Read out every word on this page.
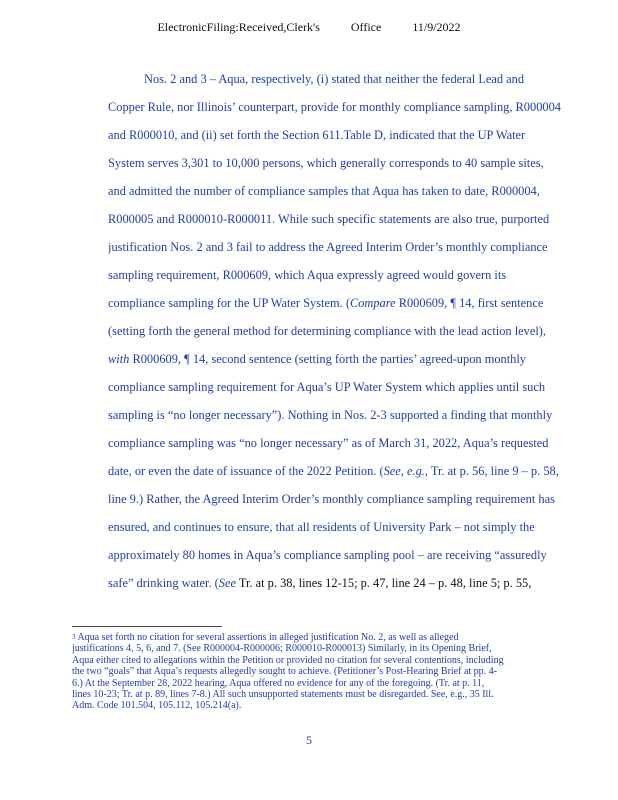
ElectronicFiling:Received,Clerk's	Office	11/9/2022
Nos. 2 and 3 – Aqua, respectively, (i) stated that neither the federal Lead and
Copper Rule, nor Illinois’ counterpart, provide for monthly compliance sampling, R000004
and R000010, and (ii) set forth the Section 611.Table D, indicated that the UP Water
System serves 3,301 to 10,000 persons, which generally corresponds to 40 sample sites,
and admitted the number of compliance samples that Aqua has taken to date, R000004,
R000005 and R000010-R000011. While such specific statements are also true, purported
justification Nos. 2 and 3 fail to address the Agreed Interim Order’s monthly compliance
sampling requirement, R000609, which Aqua expressly agreed would govern its
compliance sampling for the UP Water System. (Compare R000609, ¶ 14, first sentence
(setting forth the general method for determining compliance with the lead action level),
with R000609, ¶ 14, second sentence (setting forth the parties’ agreed-upon monthly
compliance sampling requirement for Aqua’s UP Water System which applies until such
sampling is “no longer necessary”). Nothing in Nos. 2-3 supported a finding that monthly
compliance sampling was “no longer necessary” as of March 31, 2022, Aqua’s requested
date, or even the date of issuance of the 2022 Petition. (See, e.g., Tr. at p. 56, line 9 – p. 58,
line 9.) Rather, the Agreed Interim Order’s monthly compliance sampling requirement has
ensured, and continues to ensure, that all residents of University Park – not simply the
approximately 80 homes in Aqua’s compliance sampling pool – are receiving “assuredly
safe” drinking water. (See Tr. at p. 38, lines 12-15; p. 47, line 24 – p. 48, line 5; p. 55,
$^3$ Aqua set forth no citation for several assertions in alleged justification No. 2, as well as alleged
justifications 4, 5, 6, and 7. (See R000004-R000006; R000010-R000013) Similarly, in its Opening Brief,
Aqua either cited to allegations within the Petition or provided no citation for several contentions, including
the two “goals” that Aqua’s requests allegedly sought to achieve. (Petitioner’s Post-Hearing Brief at pp. 4-
6.) At the September 28, 2022 hearing, Aqua offered no evidence for any of the foregoing. (Tr. at p. 11,
lines 10-23; Tr. at p. 89, lines 7-8.) All such unsupported statements must be disregarded. See, e.g., 35 Ill.
Adm. Code 101.504, 105.112, 105.214(a).
5
